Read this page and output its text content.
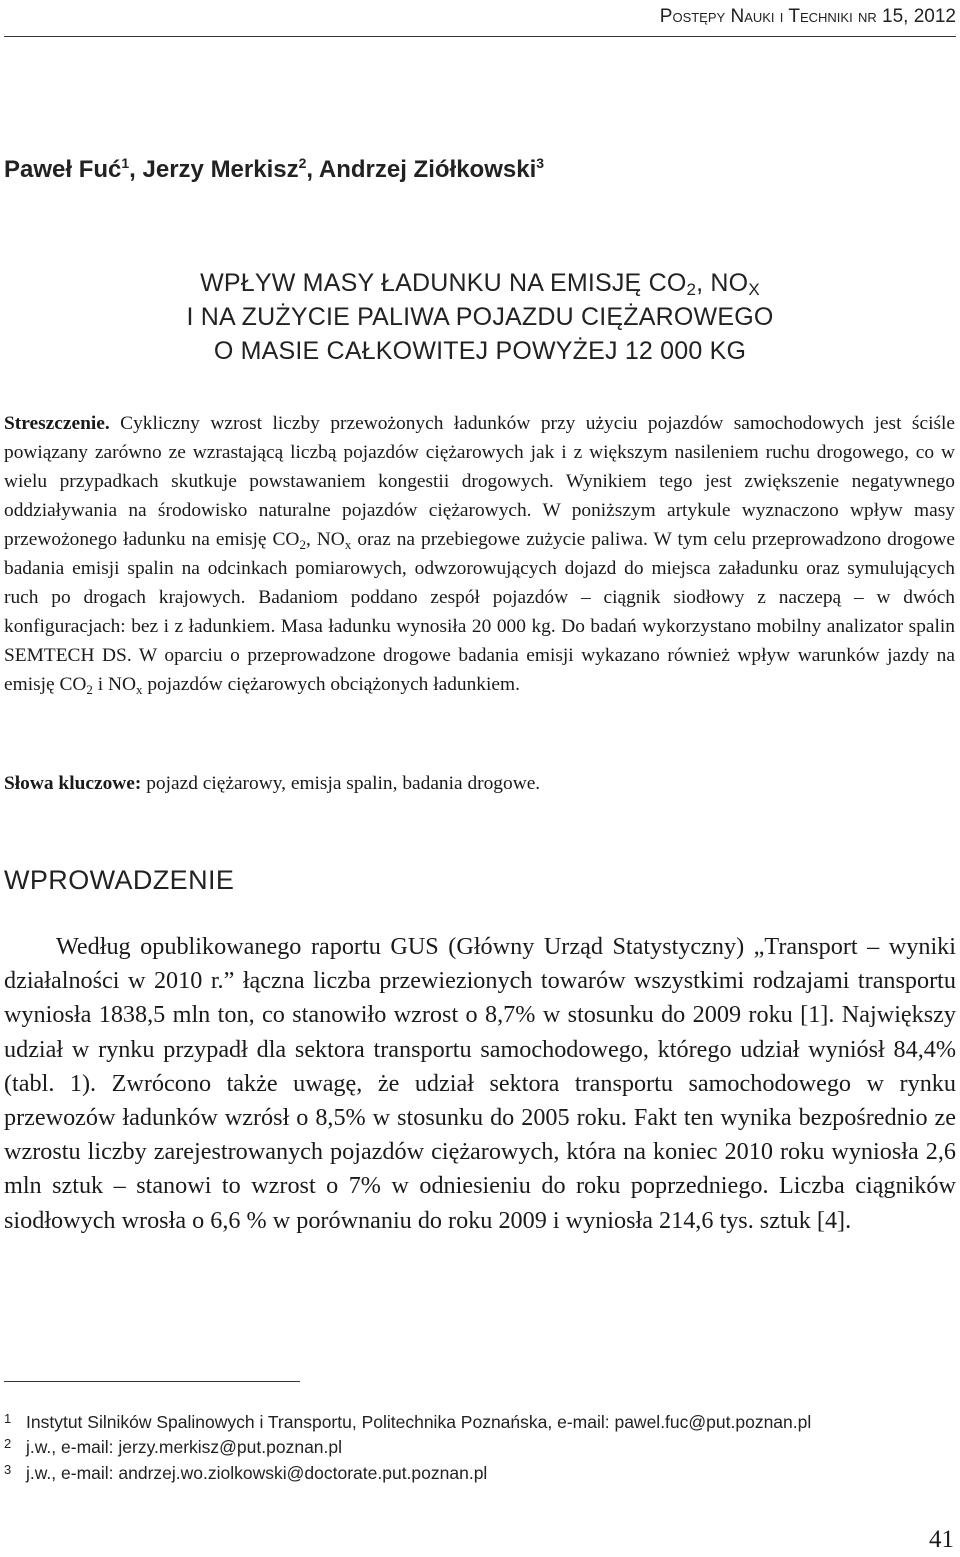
Postępy Nauki i Techniki nr 15, 2012
Paweł Fuć$^1$, Jerzy Merkisz$^2$, Andrzej Ziółkowski$^3$
WPŁYW MASY ŁADUNKU NA EMISJĘ $CO_2$, $NO_X$
I NA ZUŻYCIE PALIWA POJAZDU CIĘŻAROWEGO
O MASIE CAŁKOWITEJ POWYŻEJ 12 000 KG

Streszczenie. Cykliczny wzrost liczby przewożonych ładunków przy użyciu pojazdów samochodowych jest ściśle powiązany zarówno ze wzrastającą liczbą pojazdów ciężarowych jak i z większym nasileniem ruchu drogowego, co w wielu przypadkach skutkuje powstawaniem kongestii drogowych. Wynikiem tego jest zwiększenie negatywnego oddziaływania na środowisko naturalne pojazdów ciężarowych. W poniższym artykule wyznaczono wpływ masy przewożonego ładunku na emisję $CO_2$, $NO_x$ oraz na przebiegowe zużycie paliwa. W tym celu przeprowadzono drogowe badania emisji spalin na odcinkach pomiarowych, odwzorowujących dojazd do miejsca załadunku oraz symulujących ruch po drogach krajowych. Badaniom poddano zespół pojazdów – ciągnik siodłowy z naczepą – w dwóch konfiguracjach: bez i z ładunkiem. Masa ładunku wynosiła 20 000 kg. Do badań wykorzystano mobilny analizator spalin SEMTECH DS. W oparciu o przeprowadzone drogowe badania emisji wykazano również wpływ warunków jazdy na emisję $CO_2$ i $NO_x$ pojazdów ciężarowych obciążonych ładunkiem.

Słowa kluczowe: pojazd ciężarowy, emisja spalin, badania drogowe.

WPROWADZENIE

Według opublikowanego raportu GUS (Główny Urząd Statystyczny) „Transport – wyniki działalności w 2010 r.” łączna liczba przewiezionych towarów wszystkimi rodzajami transportu wyniosła 1838,5 mln ton, co stanowiło wzrost o 8,7% w stosunku do 2009 roku [1]. Największy udział w rynku przypadł dla sektora transportu samochodowego, którego udział wyniósł 84,4% (tabl. 1). Zwrócono także uwagę, że udział sektora transportu samochodowego w rynku przewozów ładunków wzrósł o 8,5% w stosunku do 2005 roku. Fakt ten wynika bezpośrednio ze wzrostu liczby zarejestrowanych pojazdów ciężarowych, która na koniec 2010 roku wyniosła 2,6 mln sztuk – stanowi to wzrost o 7% w odniesieniu do roku poprzedniego. Liczba ciągników siodłowych wrosła o 6,6 % w porównaniu do roku 2009 i wyniosła 214,6 tys. sztuk [4].

1 Instytut Silników Spalinowych i Transportu, Politechnika Poznańska, e-mail: pawel.fuc@put.poznan.pl
2 j.w., e-mail: jerzy.merkisz@put.poznan.pl
3 j.w., e-mail: andrzej.wo.ziolkowski@doctorate.put.poznan.pl
41
